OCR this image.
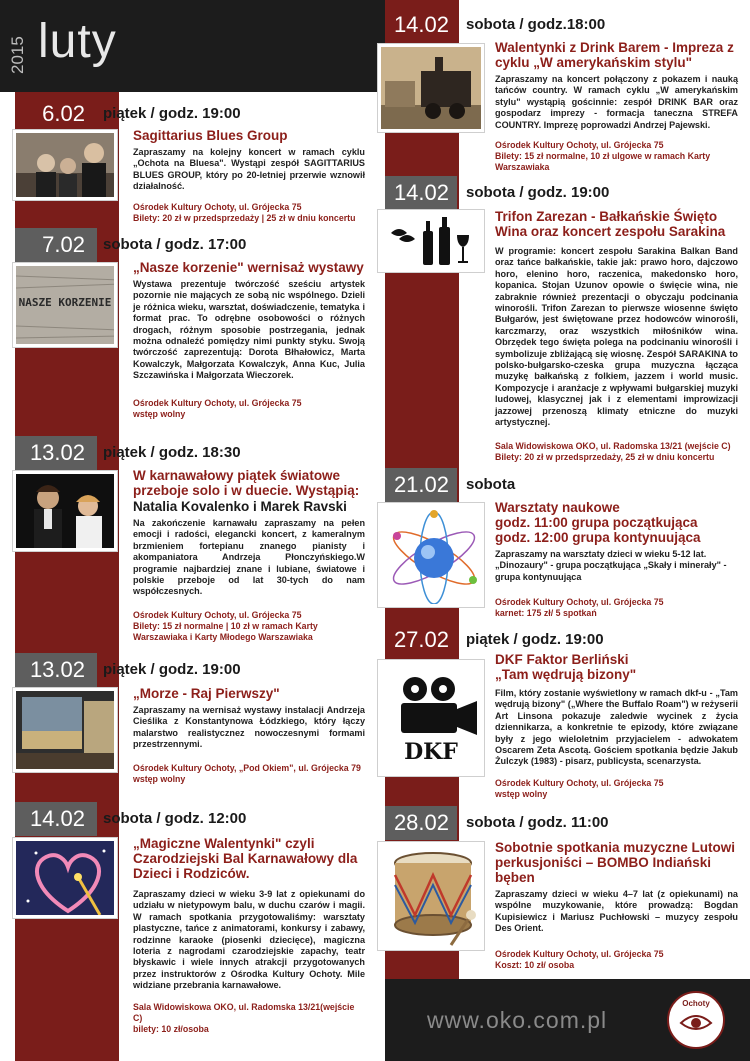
2015 luty
6.02	piątek / godz. 19:00
Sagittarius Blues Group
Zapraszamy na kolejny koncert w ramach cyklu „Ochota na Bluesa". Wystąpi zespół SAGITTARIUS BLUES GROUP, który po 20-letniej przerwie wznowił działalność.
Ośrodek Kultury Ochoty, ul. Grójecka 75
Bilety: 20 zł w przedsprzedaży | 25 zł w dniu koncertu
7.02	sobota / godz. 17:00
NASZE KORZENIE
„Nasze korzenie" wernisaż wystawy
Wystawa prezentuje twórczość sześciu artystek pozornie nie mających ze sobą nic wspólnego. Dzieli je różnica wieku, warsztat, doświadczenie, tematyka i format prac. To odrębne osobowości o różnych drogach, różnym sposobie postrzegania, jednak można odnaleźć pomiędzy nimi punkty styku. Swoją twórczość zaprezentują: Dorota Błhałowicz, Marta Kowalczyk, Małgorzata Kowalczyk, Anna Kuc, Julia Szczawińska i Małgorzata Wieczorek.
Ośrodek Kultury Ochoty, ul. Grójecka 75
wstęp wolny
13.02	piątek / godz. 18:30
W karnawałowy piątek światowe przeboje solo i w duecie. Wystąpią:
Natalia Kovalenko i Marek Ravski
Na zakończenie karnawału zapraszamy na pełen emocji i radości, elegancki koncert, z kameralnym brzmieniem fortepianu znanego pianisty i akompaniatora Andrzeja Płonczyńskiego.W programie najbardziej znane i lubiane, światowe i polskie przeboje od lat 30-tych do nam współczesnych.
Ośrodek Kultury Ochoty, ul. Grójecka 75
Bilety: 15 zł normalne | 10 zł w ramach Karty Warszawiaka i Karty Młodego Warszawiaka
13.02	piątek / godz. 19:00
„Morze - Raj Pierwszy"
Zapraszamy na wernisaż wystawy instalacji Andrzeja Cieślika z Konstantynowa Łódzkiego, który łączy malarstwo realistycznez nowoczesnymi formami przestrzennymi.
Ośrodek Kultury Ochoty, „Pod Okiem", ul. Grójecka 79
wstęp wolny
14.02	sobota / godz. 12:00
„Magiczne Walentynki" czyli Czarodziejski Bal Karnawałowy dla Dzieci i Rodziców.
Zapraszamy dzieci w wieku 3-9 lat z opiekunami do udziału w nietypowym balu, w duchu czarów i magii. W ramach spotkania przygotowaliśmy: warsztaty plastyczne, tańce z animatorami, konkursy i zabawy, rodzinne karaoke (piosenki dziecięce), magiczna loteria z nagrodami czarodziejskie zapachy, teatr błyskawic i wiele innych atrakcji przygotowanych przez instruktorów z Ośrodka Kultury Ochoty. Mile widziane przebrania karnawałowe.
Sala Widowiskowa OKO, ul. Radomska 13/21(wejście C)
bilety: 10 zł/osoba
14.02	sobota / godz.18:00
Walentynki z Drink Barem - Impreza z cyklu „W amerykańskim stylu"
Zapraszamy na koncert połączony z pokazem i nauką tańców country. W ramach cyklu „W amerykańskim stylu" wystąpią gościnnie: zespół DRINK BAR oraz gospodarz imprezy - formacja taneczna STREFA COUNTRY. Imprezę poprowadzi Andrzej Pajewski.
Ośrodek Kultury Ochoty, ul. Grójecka 75
Bilety: 15 zł normalne, 10 zł ulgowe w ramach Karty Warszawiaka
14.02	sobota / godz. 19:00
Trifon Zarezan - Bałkańskie Święto Wina oraz koncert zespołu Sarakina
W programie: koncert zespołu Sarakina Balkan Band oraz tańce bałkańskie, takie jak: prawo horo, dajczowo horo, elenino horo, raczenica, makedonsko horo, kopanica. Stojan Uzunov opowie o święcie wina, nie zabraknie również prezentacji o obyczaju podcinania winorośli. Trifon Zarezan to pierwsze wiosenne święto Bułgarów, jest świętowane przez hodowców winorośli, karczmarzy, oraz wszystkich miłośników wina. Obrzędek tego święta polega na podcinaniu winorośli i symbolizuje zbliżającą się wiosnę. Zespół SARAKINA to polsko-bułgarsko-czeska grupa muzyczna łącząca muzykę bałkańską z folkiem, jazzem i world music. Kompozycje i aranżacje z wpływami bułgarskiej muzyki ludowej, klasycznej jak i z elementami improwizacji jazzowej przenoszą klimaty etniczne do muzyki artystycznej.
Sala Widowiskowa OKO, ul. Radomska 13/21 (wejście C)
Bilety: 20 zł w przedsprzedaży, 25 zł w dniu koncertu
21.02	sobota
Warsztaty naukowe
godz. 11:00 grupa początkująca
godz. 12:00 grupa kontynuująca
Zapraszamy na warsztaty dzieci w wieku 5-12 lat. „Dinozaury" - grupa początkująca „Skały i minerały" - grupa kontynuująca
Ośrodek Kultury Ochoty, ul. Grójecka 75
karnet: 175 zł/ 5 spotkań
27.02	piątek / godz. 19:00
DKF
DKF Faktor Berliński
„Tam wędrują bizony"
Film, który zostanie wyświetlony w ramach dkf-u - „Tam wędrują bizony" („Where the Buffalo Roam") w reżyserii Art Linsona pokazuje zaledwie wycinek z życia dziennikarza, a konkretnie te epizody, które związane były z jego wieloletnim przyjacielem - adwokatem Oscarem Zeta Ascotą. Gościem spotkania będzie Jakub Żulczyk (1983) - pisarz, publicysta, scenarzysta.
Ośrodek Kultury Ochoty, ul. Grójecka 75
wstęp wolny
28.02	sobota / godz. 11:00
Sobotnie spotkania muzyczne Lutowi perkusjoniści – BOMBO Indiański bęben
Zapraszamy dzieci w wieku 4–7 lat (z opiekunami) na wspólne muzykowanie, które prowadzą: Bogdan Kupisiewicz i Mariusz Puchłowski – muzycy zespołu Des Orient.
Ośrodek Kultury Ochoty, ul. Grójecka 75
Koszt: 10 zł/ osoba
www.oko.com.pl
Ochoty
